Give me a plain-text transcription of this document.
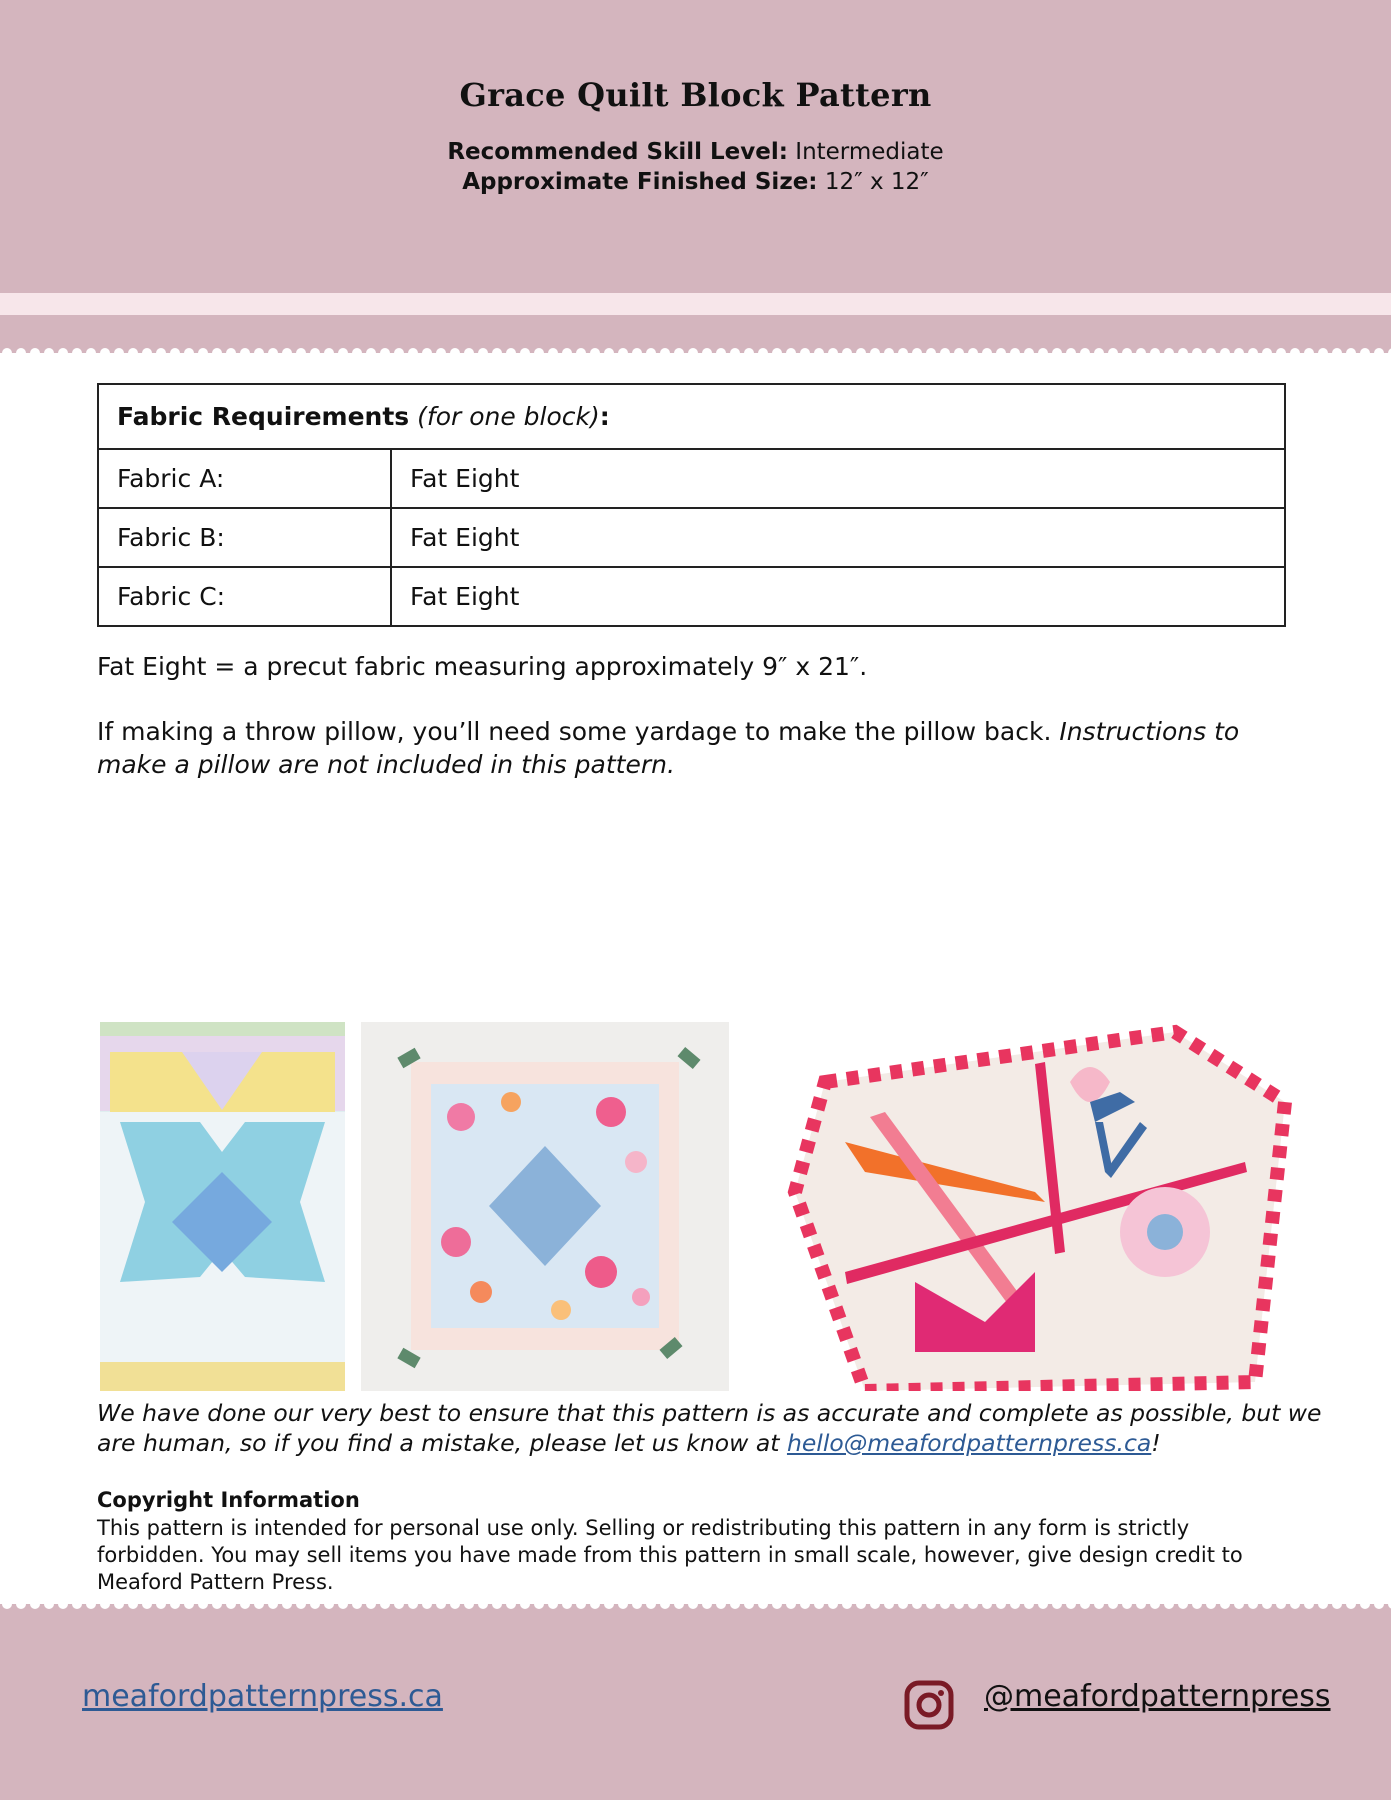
Grace Quilt Block Pattern
Recommended Skill Level: Intermediate
Approximate Finished Size: 12″ x 12″
Fabric Requirements (for one block):	
Fabric A:	Fat Eight
Fabric B:	Fat Eight
Fabric C:	Fat Eight
Fat Eight = a precut fabric measuring approximately 9″ x 21″.
If making a throw pillow, you’ll need some yardage to make the pillow back. Instructions to make a pillow are not included in this pattern.
We have done our very best to ensure that this pattern is as accurate and complete as possible, but we are human, so if you find a mistake, please let us know at hello@meafordpatternpress.ca!
Copyright Information
This pattern is intended for personal use only. Selling or redistributing this pattern in any form is strictly forbidden. You may sell items you have made from this pattern in small scale, however, give design credit to Meaford Pattern Press.
meafordpatternpress.ca	@meafordpatternpress
